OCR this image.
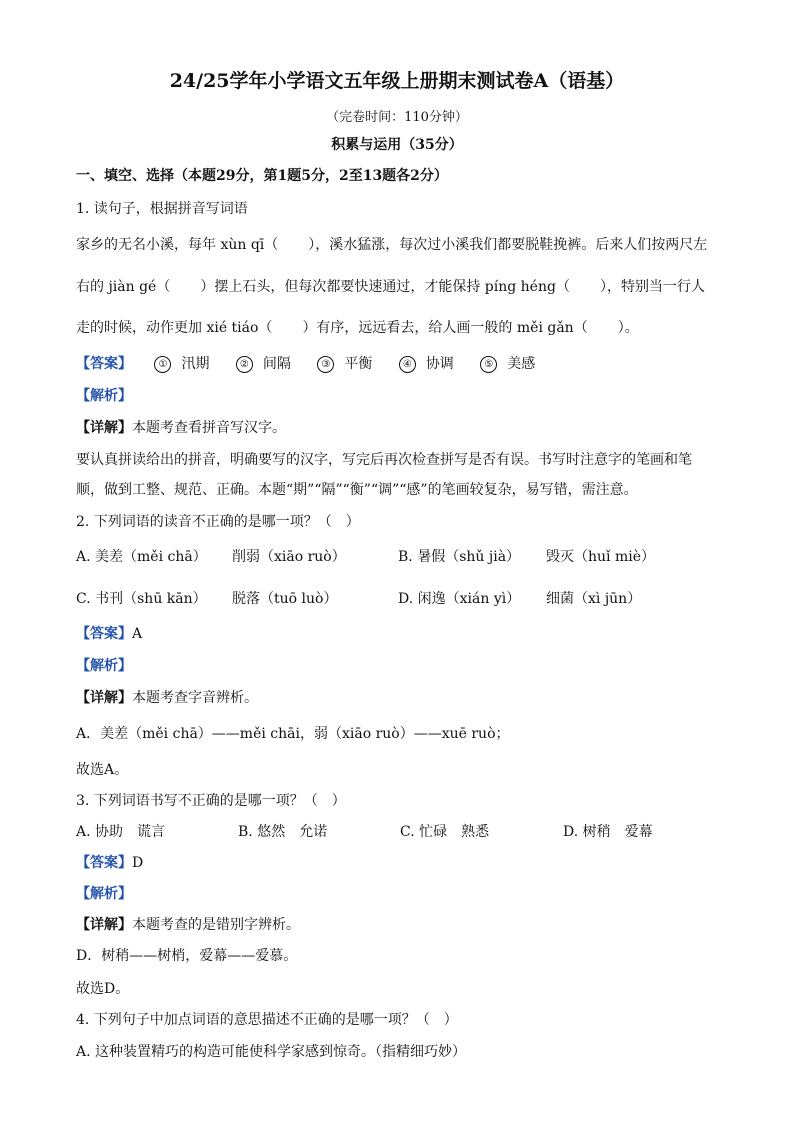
24/25学年小学语文五年级上册期末测试卷A（语基）
（完卷时间：110分钟）
积累与运用（35分）
一、填空、选择（本题29分，第1题5分，2至13题各2分）
1. 读句子，根据拼音写词语
家乡的无名小溪，每年 xùn qī（ ），溪水猛涨，每次过小溪我们都要脱鞋挽裤。后来人们按两尺左
右的 jiàn gé（ ）摆上石头，但每次都要快速通过，才能保持 píng héng（ ），特别当一行人
走的时候，动作更加 xié tiáo（ ）有序，远远看去，给人画一般的 měi gǎn（ ）。
【答案】	① 汛期	② 间隔	③ 平衡	④ 协调	⑤ 美感
【解析】
【详解】本题考查看拼音写汉字。
要认真拼读给出的拼音，明确要写的汉字，写完后再次检查拼写是否有误。书写时注意字的笔画和笔
顺，做到工整、规范、正确。本题“期”“隔”“衡”“调”“感”的笔画较复杂，易写错，需注意。
2. 下列词语的读音不正确的是哪一项？（　）
A. 美差（měi chā） 削弱（xiāo ruò）	B. 暑假（shǔ jià） 毁灭（huǐ miè）
C. 书刊（shū kān） 脱落（tuō luò）	D. 闲逸（xián yì） 细菌（xì jūn）
【答案】A
【解析】
【详解】本题考查字音辨析。
A．美差（měi chā）——měi chāi，弱（xiāo ruò）——xuē ruò；
故选A。
3. 下列词语书写不正确的是哪一项？（　）
A. 协助　谎言	B. 悠然　允诺	C. 忙碌　熟悉	D. 树稍　爱幕
【答案】D
【解析】
【详解】本题考查的是错别字辨析。
D．树稍——树梢，爱幕——爱慕。
故选D。
4. 下列句子中加点词语的意思描述不正确的是哪一项？（　）
A. 这种装置精巧的构造可能使科学家感到惊奇。（指精细巧妙）
